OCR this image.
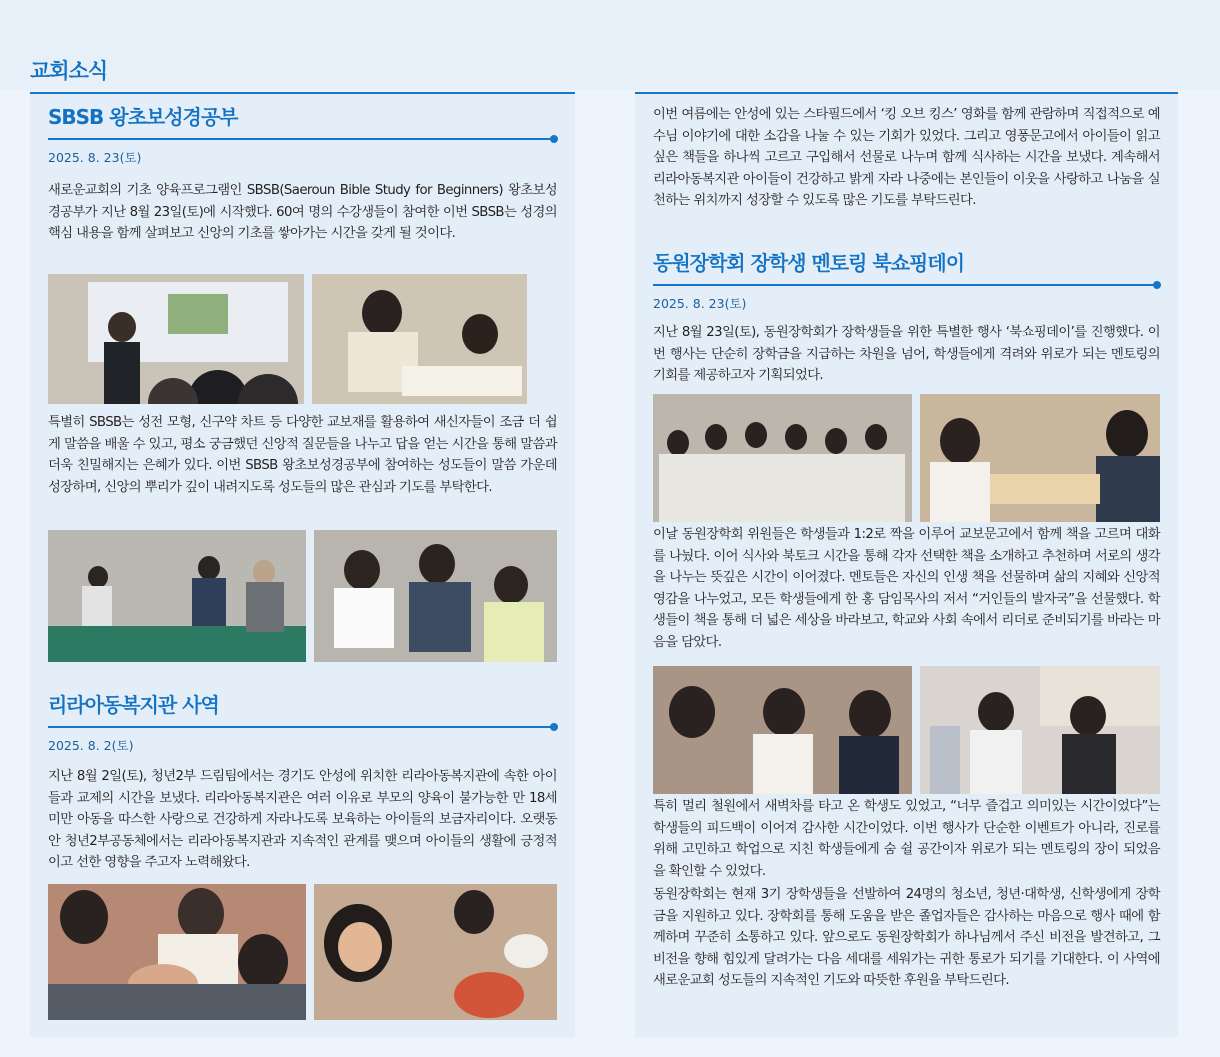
교회소식
SBSB 왕초보성경공부
2025. 8. 23(토)

새로운교회의 기초 양육프로그램인 SBSB(Saeroun Bible Study for Beginners) 왕초보성경공부가 지난 8월 23일(토)에 시작했다. 60여 명의 수강생들이 참여한 이번 SBSB는 성경의 핵심 내용을 함께 살펴보고 신앙의 기초를 쌓아가는 시간을 갖게 될 것이다.

특별히 SBSB는 성전 모형, 신구약 차트 등 다양한 교보재를 활용하여 새신자들이 조금 더 쉽게 말씀을 배울 수 있고, 평소 궁금했던 신앙적 질문들을 나누고 답을 얻는 시간을 통해 말씀과 더욱 친밀해지는 은혜가 있다. 이번 SBSB 왕초보성경공부에 참여하는 성도들이 말씀 가운데 성장하며, 신앙의 뿌리가 깊이 내려지도록 성도들의 많은 관심과 기도를 부탁한다.

리라아동복지관 사역
2025. 8. 2(토)

지난 8월 2일(토), 청년2부 드림팀에서는 경기도 안성에 위치한 리라아동복지관에 속한 아이들과 교제의 시간을 보냈다. 리라아동복지관은 여러 이유로 부모의 양육이 불가능한 만 18세 미만 아동을 따스한 사랑으로 건강하게 자라나도록 보육하는 아이들의 보금자리이다. 오랫동안 청년2부공동체에서는 리라아동복지관과 지속적인 관계를 맺으며 아이들의 생활에 긍정적이고 선한 영향을 주고자 노력해왔다.

이번 여름에는 안성에 있는 스타필드에서 ‘킹 오브 킹스’ 영화를 함께 관람하며 직접적으로 예수님 이야기에 대한 소감을 나눌 수 있는 기회가 있었다. 그리고 영풍문고에서 아이들이 읽고 싶은 책들을 하나씩 고르고 구입해서 선물로 나누며 함께 식사하는 시간을 보냈다. 계속해서 리라아동복지관 아이들이 건강하고 밝게 자라 나중에는 본인들이 이웃을 사랑하고 나눔을 실천하는 위치까지 성장할 수 있도록 많은 기도를 부탁드린다.

동원장학회 장학생 멘토링 북쇼핑데이
2025. 8. 23(토)

지난 8월 23일(토), 동원장학회가 장학생들을 위한 특별한 행사 ‘북쇼핑데이’를 진행했다. 이번 행사는 단순히 장학금을 지급하는 차원을 넘어, 학생들에게 격려와 위로가 되는 멘토링의 기회를 제공하고자 기획되었다.

이날 동원장학회 위원들은 학생들과 1:2로 짝을 이루어 교보문고에서 함께 책을 고르며 대화를 나눴다. 이어 식사와 북토크 시간을 통해 각자 선택한 책을 소개하고 추천하며 서로의 생각을 나누는 뜻깊은 시간이 이어졌다. 멘토들은 자신의 인생 책을 선물하며 삶의 지혜와 신앙적 영감을 나누었고, 모든 학생들에게 한 홍 담임목사의 저서 “거인들의 발자국”을 선물했다. 학생들이 책을 통해 더 넓은 세상을 바라보고, 학교와 사회 속에서 리더로 준비되기를 바라는 마음을 담았다.

특히 멀리 철원에서 새벽차를 타고 온 학생도 있었고, “너무 즐겁고 의미있는 시간이었다”는 학생들의 피드백이 이어져 감사한 시간이었다. 이번 행사가 단순한 이벤트가 아니라, 진로를 위해 고민하고 학업으로 지친 학생들에게 숨 쉴 공간이자 위로가 되는 멘토링의 장이 되었음을 확인할 수 있었다.

동원장학회는 현재 3기 장학생들을 선발하여 24명의 청소년, 청년·대학생, 신학생에게 장학금을 지원하고 있다. 장학회를 통해 도움을 받은 졸업자들은 감사하는 마음으로 행사 때에 함께하며 꾸준히 소통하고 있다. 앞으로도 동원장학회가 하나님께서 주신 비전을 발견하고, 그 비전을 향해 힘있게 달려가는 다음 세대를 세워가는 귀한 통로가 되기를 기대한다. 이 사역에 새로운교회 성도들의 지속적인 기도와 따뜻한 후원을 부탁드린다.
